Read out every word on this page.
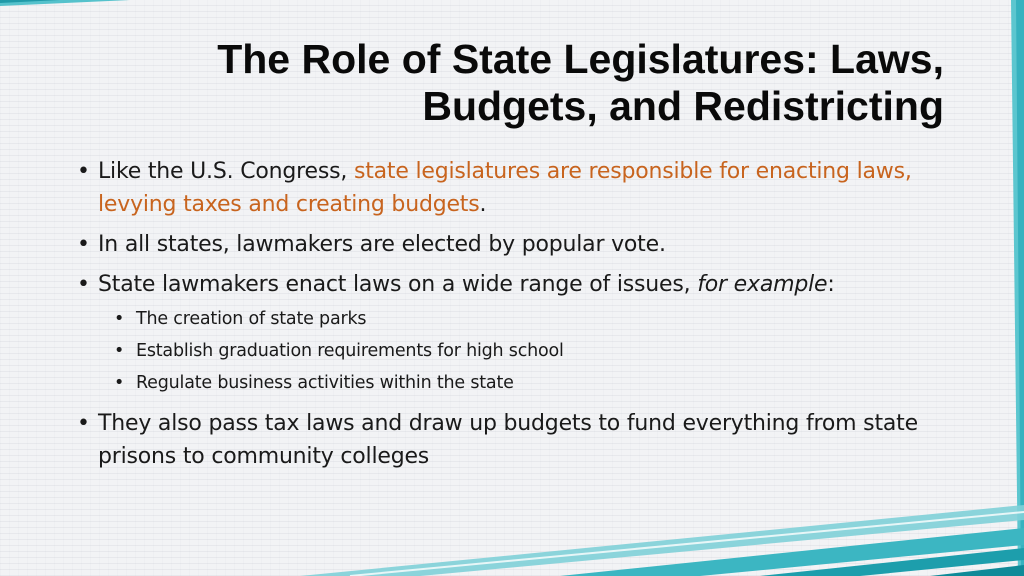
The Role of State Legislatures: Laws,
Budgets, and Redistricting
• Like the U.S. Congress, state legislatures are responsible for enacting laws, levying taxes and creating budgets.
• In all states, lawmakers are elected by popular vote.
• State lawmakers enact laws on a wide range of issues, for example:
• The creation of state parks
• Establish graduation requirements for high school
• Regulate business activities within the state
• They also pass tax laws and draw up budgets to fund everything from state prisons to community colleges
